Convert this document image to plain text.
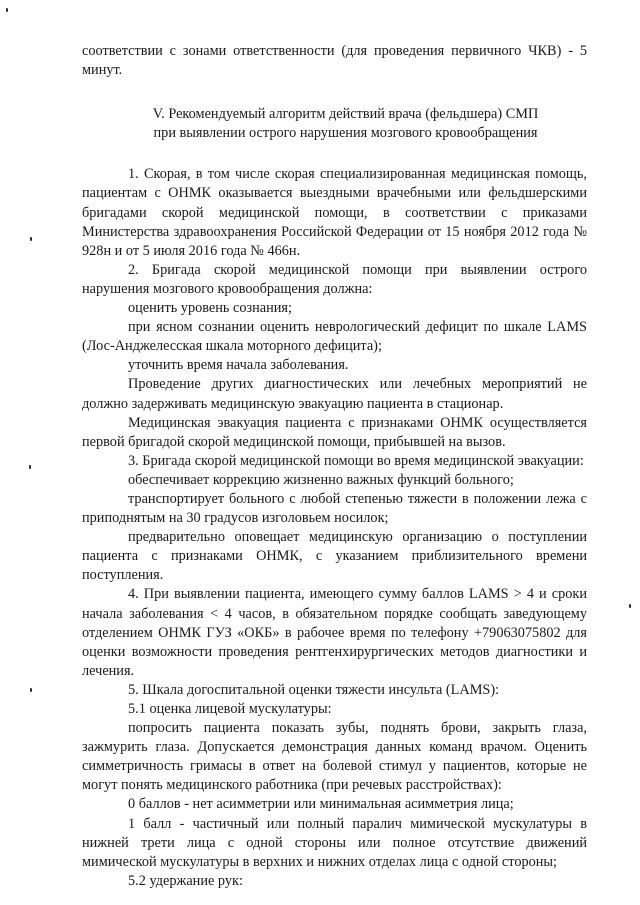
соответствии с зонами ответственности (для проведения первичного ЧКВ) - 5 минут.

V. Рекомендуемый алгоритм действий врача (фельдшера) СМП

при выявлении острого нарушения мозгового кровообращения

1. Скорая, в том числе скорая специализированная медицинская помощь, пациентам с ОНМК оказывается выездными врачебными или фельдшерскими бригадами скорой медицинской помощи, в соответствии с приказами Министерства здравоохранения Российской Федерации от 15 ноября 2012 года № 928н и от 5 июля 2016 года № 466н.

2. Бригада скорой медицинской помощи при выявлении острого нарушения мозгового кровообращения должна:

оценить уровень сознания;

при ясном сознании оценить неврологический дефицит по шкале LAMS (Лос-Анджелесская шкала моторного дефицита);

уточнить время начала заболевания.

Проведение других диагностических или лечебных мероприятий не должно задерживать медицинскую эвакуацию пациента в стационар.

Медицинская эвакуация пациента с признаками ОНМК осуществляется первой бригадой скорой медицинской помощи, прибывшей на вызов.

3. Бригада скорой медицинской помощи во время медицинской эвакуации:

обеспечивает коррекцию жизненно важных функций больного;

транспортирует больного с любой степенью тяжести в положении лежа с приподнятым на 30 градусов изголовьем носилок;

предварительно оповещает медицинскую организацию о поступлении пациента с признаками ОНМК, с указанием приблизительного времени поступления.

4. При выявлении пациента, имеющего сумму баллов LAMS > 4 и сроки начала заболевания < 4 часов, в обязательном порядке сообщать заведующему отделением ОНМК ГУЗ «ОКБ» в рабочее время по телефону +79063075802 для оценки возможности проведения рентгенхирургических методов диагностики и лечения.

5. Шкала догоспитальной оценки тяжести инсульта (LAMS):

5.1 оценка лицевой мускулатуры:

попросить пациента показать зубы, поднять брови, закрыть глаза, зажмурить глаза. Допускается демонстрация данных команд врачом. Оценить симметричность гримасы в ответ на болевой стимул у пациентов, которые не могут понять медицинского работника (при речевых расстройствах):

0 баллов - нет асимметрии или минимальная асимметрия лица;

1 балл - частичный или полный паралич мимической мускулатуры в нижней трети лица с одной стороны или полное отсутствие движений мимической мускулатуры в верхних и нижних отделах лица с одной стороны;

5.2 удержание рук:
